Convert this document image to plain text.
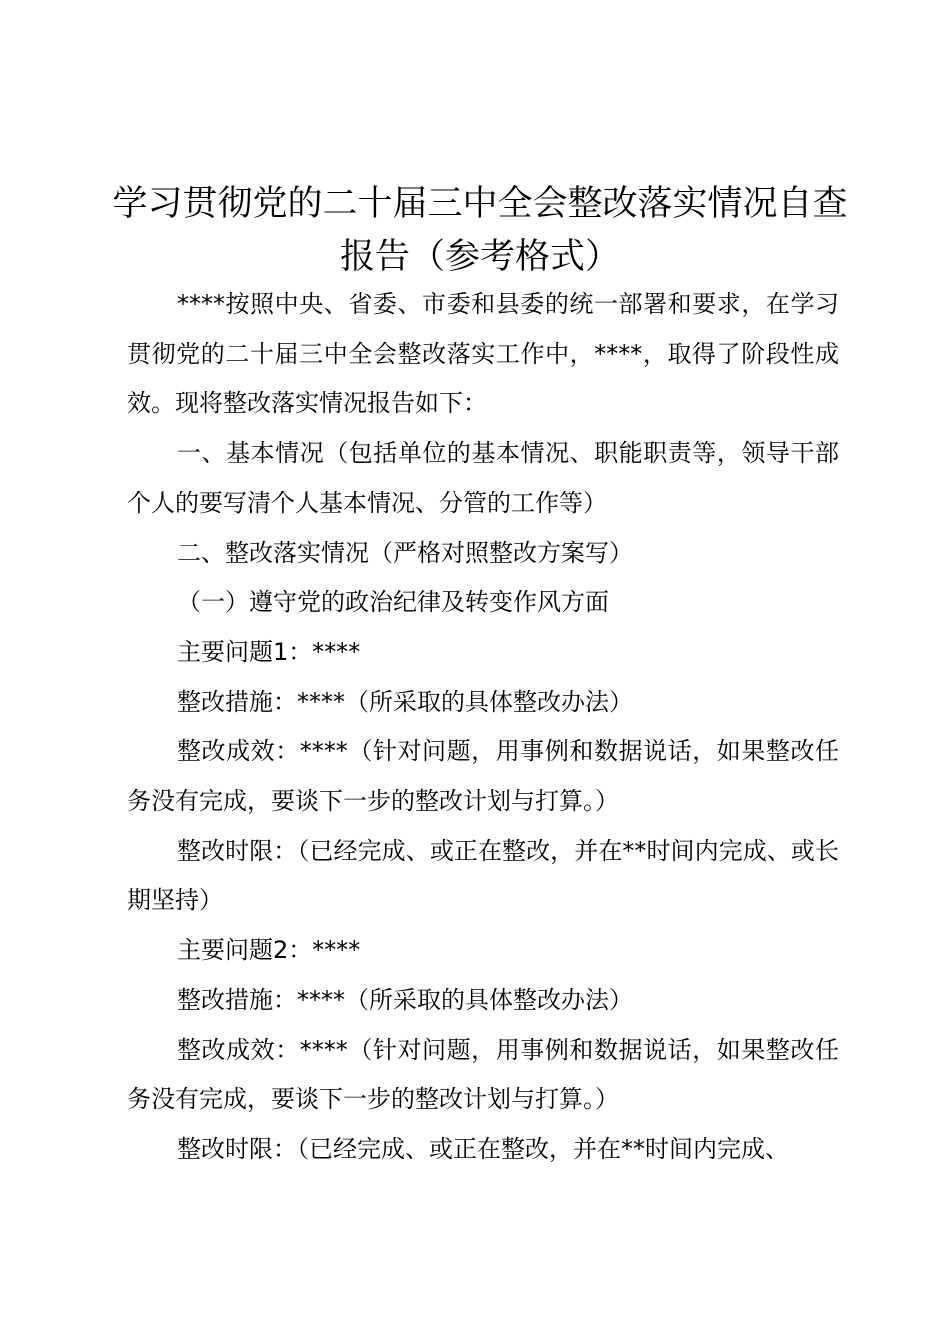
学习贯彻党的二十届三中全会整改落实情况自查报告（参考格式）

****按照中央、省委、市委和县委的统一部署和要求，在学习贯彻党的二十届三中全会整改落实工作中，****，取得了阶段性成效。现将整改落实情况报告如下：

一、基本情况（包括单位的基本情况、职能职责等，领导干部个人的要写清个人基本情况、分管的工作等）

二、整改落实情况（严格对照整改方案写）

（一）遵守党的政治纪律及转变作风方面

主要问题1：****

整改措施：****（所采取的具体整改办法）

整改成效：****（针对问题，用事例和数据说话，如果整改任务没有完成，要谈下一步的整改计划与打算。）

整改时限：（已经完成、或正在整改，并在**时间内完成、或长期坚持）

主要问题2：****

整改措施：****（所采取的具体整改办法）

整改成效：****（针对问题，用事例和数据说话，如果整改任务没有完成，要谈下一步的整改计划与打算。）

整改时限：（已经完成、或正在整改，并在**时间内完成、
